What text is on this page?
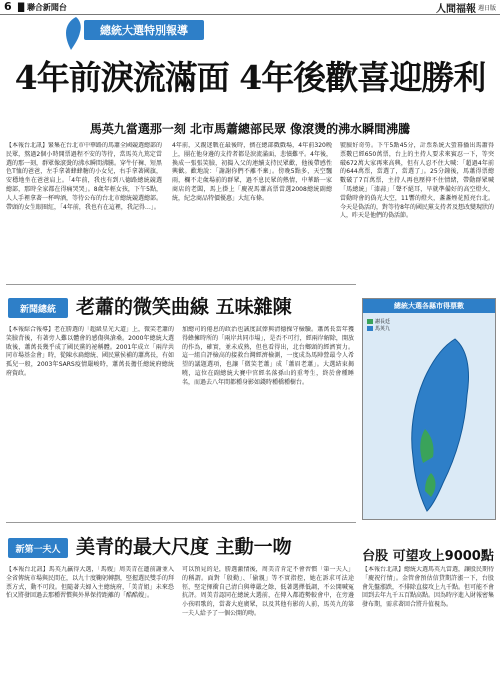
6 █ 聯合新聞台	人間福報 週日版
總統大選特別報導
4年前淚流滿面 4年後歡喜迎勝利
馬英九當選那一刻 北市馬蕭總部民眾 像滾燙的沸水瞬間沸騰
【本報台北訊】緊集在台北市中華路的馬蕭全國競選總部的民眾，熬過2個小時開票過程不安的等待，當馬英九篤定當選的那一刻，群眾像滾燙的沸水瞬間沸騰。穿牛仔褲、短黑色T恤的爸爸，左手拿著蜂蜂糖的小女兒，右手拿著國旗，安穩地坐在爸爸肩上。「4年前，我也有到八德路總統競選總部，那時全家都在得痛哭哭」。8歲年輕女孩，下午5點，人人手裡拿著一杯啤酒，等待公布的台北市總統競選總部。帶頭的女生眼圈紅，「4年前，我也有在這裡，我記得…」。
4年前，又親迷戰在最後時，擠在總部戲戲場，4年前320晚上，團在他身邊的支持者都是淚流滿面，悲憤難平。4年後，換成一張張笑臉，初搗入父的連續支持民眾歡，他後帶感性興歡。歡地說：「謝謝你們不離不棄」。傍晚5點多，天空飄雨，欄不走歲場前的群眾，過不息民眾的熱情，中華路一家商店的老闆，馬上掛上「慶祝馬蕭高票當選2008總統副總統，紀念商品特價優惠」大紅布條。
號臉好奇勞。下午5點45分，計票系統大螢幕播出馬蕭得票數已經650萬票，台上的主持人要求來賓忍一下，等突破672萬大家再來高興，但有人忍不住大喊：「超過4年前的644萬票，當選了，當選了」。25分鐘後，馬蕭得票總數破了7百萬票，主持人再也壓抑不住情緒，帶動群眾喊「馬總統」「漆蒜」「聲不絕耳，旱就準備好的高空燈火，當動時會的偽光大空，11響的燈火，盞盞煙花照亮台北。今天是偽活的，對等待8年的國民黨支持者及想改變現狀的人，昨天是他們的偽活節。
新聞總統	老蕭的微笑曲線 五味雜陳
【本報綜合報導】老在勝選的「超級星光大道」上，微笑老蕭的笑臉背後，有著旁人難以體會的感傷與滄桑。2000年總統大選敗後，蕭萬長幾乎成了國民黨的祕稱體。2001年成立「兩岸共同市場基金會」時，從陳水扁總統、國民黨侯補的蕭萬長，有如孤兒一般，2003年SARS疫情嚴峻時，蕭萬長擔任總統府總統府資政。
加總司的倦息的政治也誠度試俸與清德操守檢驗。蕭萬長當年獲得蜂擁時所的「兩岸共同市場」，是否不可行，經兩岸解除，開放的作為，確實，並未成熟，但也看得出，北台鄉頭的經濟實力。這一組自評檢高的接救台灣經濟檢測，一度成為馬陣營最令人希望的議題選項，也讓「微笑老蕭」成「蕭眉老蕭」。大選結束揭曉，這位在副總統大賽中官經名落孫山的重考生，終於會種睡名，而過去八年間都種身影如錢時種橋種樹台。
新第一夫人 美青的最大尺度 主動一吻
【本報台北訊】馬英九贏得大選，「馬嫂」周美青在蓮前謝並入全省傳統市場與民間在，以九十度鞠躬轉劃，堅握選民雙手的拜票方式，動不可段。但隨著夫婦入主總統府，「美青姐」未來恐怕又將發回過去那種習慣與外界保持距離的「酷酷嫂」。
可以預見的是，勝選激情後，周美青肯定不會習慣「第一夫人」的稱謂。面對「殷勤」、「偷親」等不實指控，她在訴求可法途徑，堅定揮衝自己清白與尊嚴之餘，低著選擇低調，不公開喊冤抗評。周美青認同在總統大選前，在傳入都遊勢較會中，在旁邊小孩唱歌的，當著大庭廣眾，以及其他有影的人前，馬英九的第一夫人給予了一個公開的吻。
總統大選各縣市得票數
謝長廷
馬英九
台股 可望攻上9000點
【本報台北訊】總統大選馬英九當選，讓股民期待「慶祝行情」。金管會預估信貸期許漲一下，台股會先盤漲跌，不排除直接攻上九千點。但可能不會回到去年九千五百點高點。因為時序進入財報密集發布期，需求著回合將升值視為。
